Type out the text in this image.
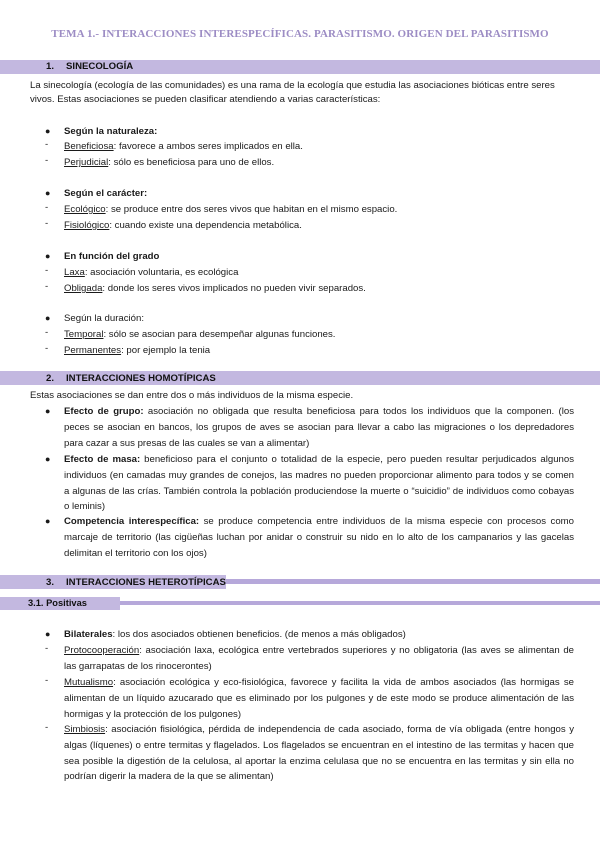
TEMA 1.- INTERACCIONES INTERESPECÍFICAS. PARASITISMO. ORIGEN DEL PARASITISMO
1. SINECOLOGÍA
La sinecología (ecología de las comunidades) es una rama de la ecología que estudia las asociaciones bióticas entre seres
vivos. Estas asociaciones se pueden clasificar atendiendo a varias características:
● Según la naturaleza:
- Beneficiosa: favorece a ambos seres implicados en ella.
- Perjudicial: sólo es beneficiosa para uno de ellos.
● Según el carácter:
- Ecológico: se produce entre dos seres vivos que habitan en el mismo espacio.
- Fisiológico: cuando existe una dependencia metabólica.
● En función del grado
- Laxa: asociación voluntaria, es ecológica
- Obligada: donde los seres vivos implicados no pueden vivir separados.
● Según la duración:
- Temporal: sólo se asocian para desempeñar algunas funciones.
- Permanentes: por ejemplo la tenia
2. INTERACCIONES HOMOTÍPICAS
Estas asociaciones se dan entre dos o más individuos de la misma especie.
● Efecto de grupo: asociación no obligada que resulta beneficiosa para todos los individuos que la componen. (los peces se asocian en bancos, los grupos de aves se asocian para llevar a cabo las migraciones o los depredadores para cazar a sus presas de las cuales se van a alimentar)
● Efecto de masa: beneficioso para el conjunto o totalidad de la especie, pero pueden resultar perjudicados algunos individuos (en camadas muy grandes de conejos, las madres no pueden proporcionar alimento para todos y se comen a algunas de las crías. También controla la población produciendose la muerte o “suicidio” de individuos como cobayas o leminis)
● Competencia interespecífica: se produce competencia entre individuos de la misma especie con procesos como marcaje de territorio (las cigüeñas luchan por anidar o construir su nido en lo alto de los campanarios y las gacelas delimitan el territorio con los ojos)
3. INTERACCIONES HETEROTÍPICAS
3.1. Positivas
● Bilaterales: los dos asociados obtienen beneficios. (de menos a más obligados)
- Protocooperación: asociación laxa, ecológica entre vertebrados superiores y no obligatoria (las aves se alimentan de las garrapatas de los rinocerontes)
- Mutualismo: asociación ecológica y eco-fisiológica, favorece y facilita la vida de ambos asociados (las hormigas se alimentan de un líquido azucarado que es eliminado por los pulgones y de este modo se produce alimentación de las hormigas y la protección de los pulgones)
- Simbiosis: asociación fisiológica, pérdida de independencia de cada asociado, forma de vía obligada (entre hongos y algas (líquenes) o entre termitas y flagelados. Los flagelados se encuentran en el intestino de las termitas y hacen que sea posible la digestión de la celulosa, al aportar la enzima celulasa que no se encuentra en las termitas y sin ella no podrían digerir la madera de la que se alimentan)
